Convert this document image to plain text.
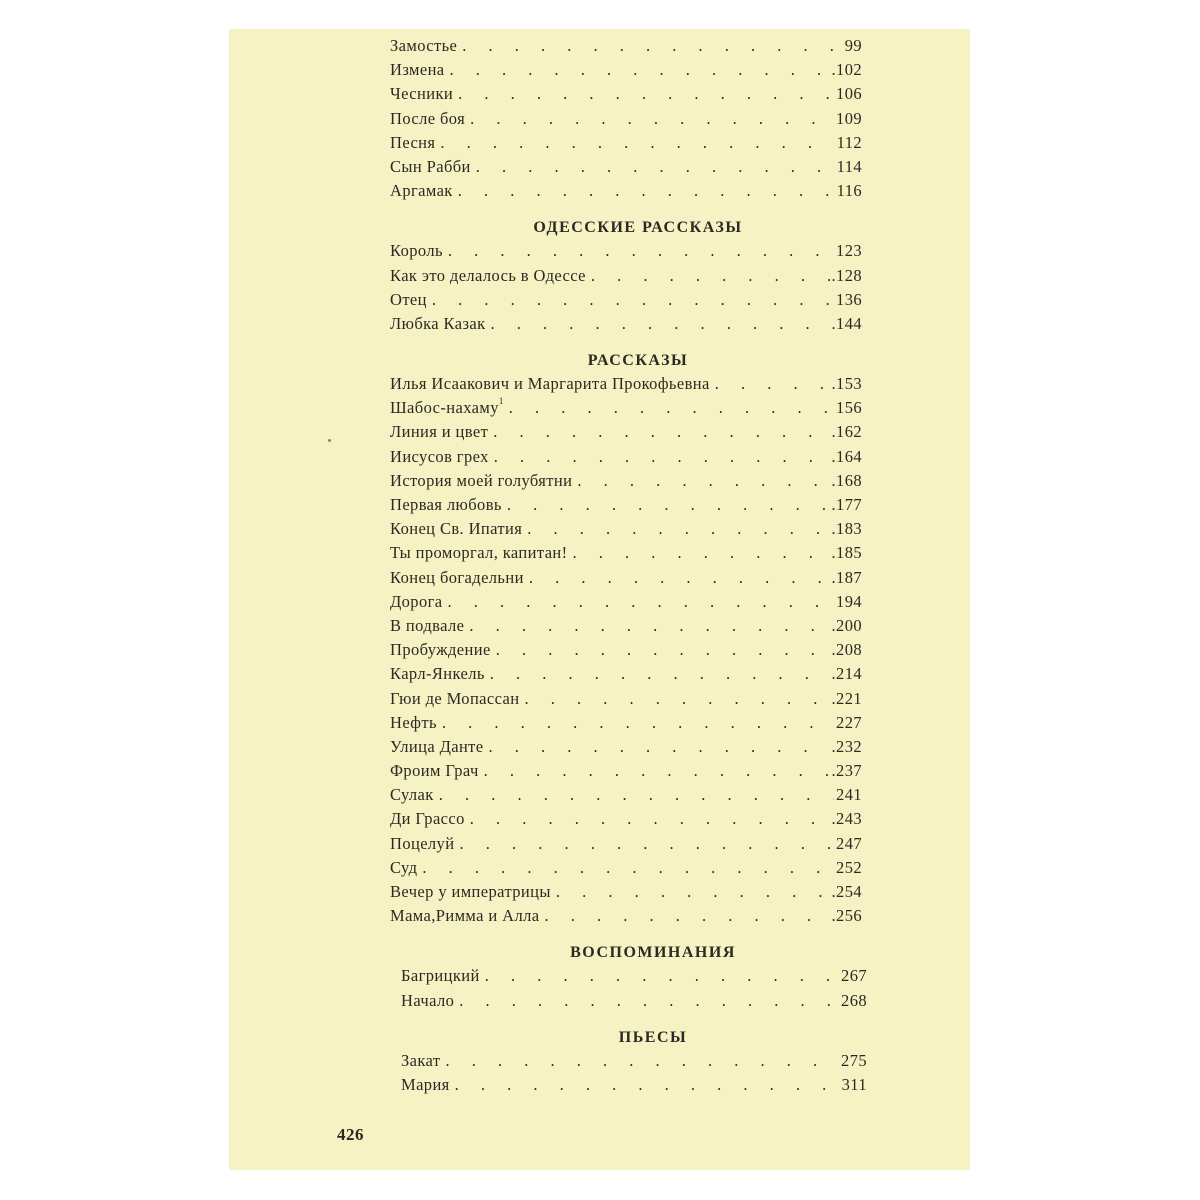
Замостье . . .	99
Измена . . .	.102
Чесники . . .	106
После боя . . .	109
Песня . . .	112
Сын Рабби . . .	114
Аргамак . . .	116
ОДЕССКИЕ РАССКАЗЫ
Король . . .	123
Как это делалось в Одессе . . .	.128
Отец . . .	136
Любка Казак . . .	.144
РАССКАЗЫ
Илья Исаакович и Маргарита Прокофьевна . . .	.153
Шабос-нахаму$^1$ . . .	156
Линия и цвет . . .	.162
Иисусов грех . . .	.164
История моей голубятни . . .	.168
Первая любовь . . .	.177
Конец Св. Ипатия . . .	.183
Ты проморгал, капитан! . . .	.185
Конец богадельни . . .	.187
Дорога . . .	194
В подвале . . .	.200
Пробуждение . . .	.208
Карл-Янкель . . .	.214
Гюи де Мопассан . . .	.221
Нефть . . .	227
Улица Данте . . .	.232
Фроим Грач . . .	.237
Сулак . . .	241
Ди Грассо . . .	.243
Поцелуй . . .	247
Суд . . .	252
Вечер у императрицы . . .	.254
Мама,Римма и Алла . . .	.256
ВОСПОМИНАНИЯ
Багрицкий . . .	267
Начало . . .	268
ПЬЕСЫ
Закат . . .	275
Мария . . .	311
426
